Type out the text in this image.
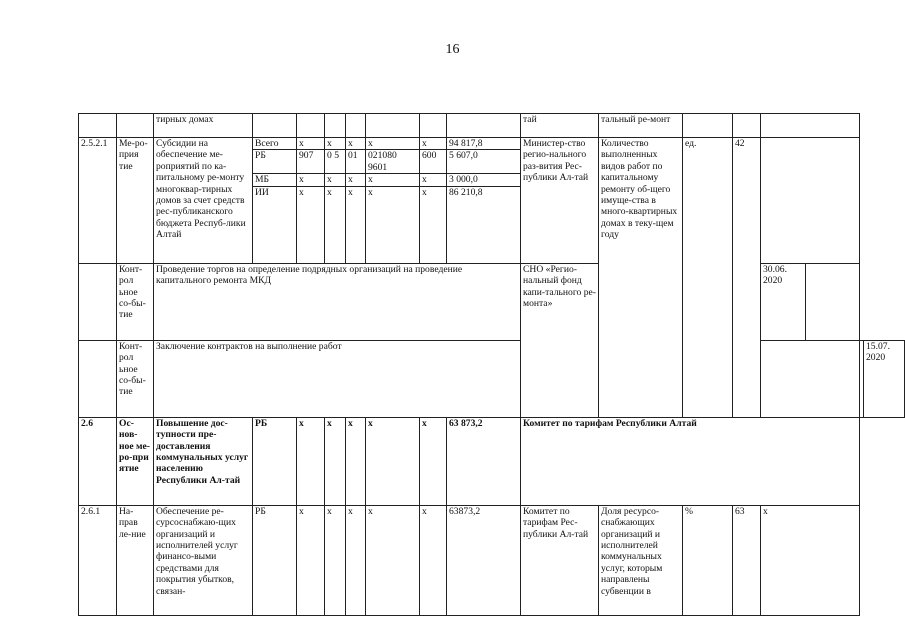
16
		тирных домах								тай	тальный ре-монт						
2.5.2.1	Ме-ро-прия тие	Субсидии на обеспечение ме-роприятий по ка-питальному ре-монту многоквар-тирных домов за счет средств рес-публиканского бюджета Респуб-лики Алтай	Всего	х	х	х	х	х	94 817,8	Министер-ство регио-нального раз-вития Рес-публики Ал-тай	Количество выполненных видов работ по капитальному ремонту об-щего имуще-ства в много-квартирных домах в теку-щем году	ед.	42				
			РБ	907	0 5	01	021080 9601	600	5 607,0								
			МБ	х	х	х	х	х	3 000,0								
			ИИ	х	х	х	х	х	86 210,8								
	Конт-рол ьное со-бы-тие	Проведение торгов на определение подрядных организаций на проведение капитального ремонта МКД								СНО «Регио-нальный фонд капи-тального ре-монта»				30.06. 2020			
	Конт-рол ьное со-бы-тие	Заключение контрактов на выполнение работ															15.07. 2020
2.6	Ос-нов-ное ме-ро-при ятие	Повышение дос-тупности пре-доставления коммунальных услуг населению Республики Ал-тай	РБ	х	х	х	х	х	63 873,2	Комитет по тарифам Республики Алтай							
2.6.1	На-прав ле-ние	Обеспечение ре-сурсоснабжаю-щих организаций и исполнителей услуг финансо-выми средствами для покрытия убытков, связан-	РБ	х	х	х	х	х	63873,2	Комитет по тарифам Рес-публики Ал-тай	Доля ресурсо-снабжающих организаций и исполнителей коммунальных услуг, которым направлены субвенции в	%	63	х			
